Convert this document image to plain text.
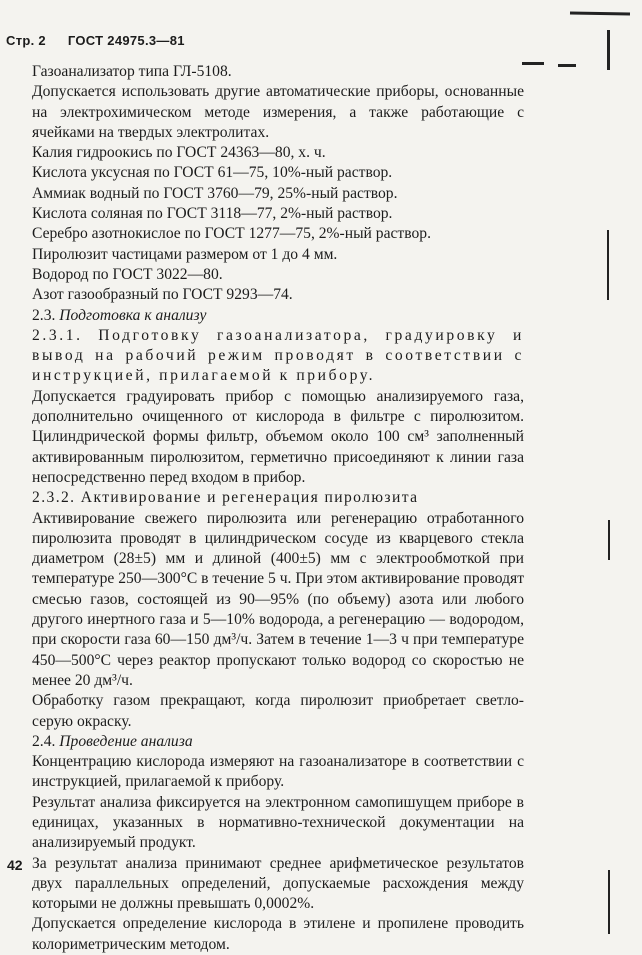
Стр. 2 ГОСТ 24975.3—81

Газоанализатор типа ГЛ-5108.

Допускается использовать другие автоматические приборы, основанные на электрохимическом методе измерения, а также работающие с ячейками на твердых электролитах.

Калия гидроокись по ГОСТ 24363—80, х. ч.

Кислота уксусная по ГОСТ 61—75, 10%-ный раствор.

Аммиак водный по ГОСТ 3760—79, 25%-ный раствор.

Кислота соляная по ГОСТ 3118—77, 2%-ный раствор.

Серебро азотнокислое по ГОСТ 1277—75, 2%-ный раствор.

Пиролюзит частицами размером от 1 до 4 мм.

Водород по ГОСТ 3022—80.

Азот газообразный по ГОСТ 9293—74.

2.3. Подготовка к анализу

2.3.1. Подготовку газоанализатора, градуировку и вывод на рабочий режим проводят в соответствии с инструкцией, прилагаемой к прибору.

Допускается градуировать прибор с помощью анализируемого газа, дополнительно очищенного от кислорода в фильтре с пиролюзитом. Цилиндрической формы фильтр, объемом около 100 см³ заполненный активированным пиролюзитом, герметично присоединяют к линии газа непосредственно перед входом в прибор.

2.3.2. Активирование и регенерация пиролюзита

Активирование свежего пиролюзита или регенерацию отработанного пиролюзита проводят в цилиндрическом сосуде из кварцевого стекла диаметром (28±5) мм и длиной (400±5) мм с электрообмоткой при температуре 250—300°С в течение 5 ч. При этом активирование проводят смесью газов, состоящей из 90—95% (по объему) азота или любого другого инертного газа и 5—10% водорода, а регенерацию — водородом, при скорости газа 60—150 дм³/ч. Затем в течение 1—3 ч при температуре 450—500°С через реактор пропускают только водород со скоростью не менее 20 дм³/ч.

Обработку газом прекращают, когда пиролюзит приобретает светло-серую окраску.

2.4. Проведение анализа

Концентрацию кислорода измеряют на газоанализаторе в соответствии с инструкцией, прилагаемой к прибору.

Результат анализа фиксируется на электронном самопишущем приборе в единицах, указанных в нормативно-технической документации на анализируемый продукт.

За результат анализа принимают среднее арифметическое результатов двух параллельных определений, допускаемые расхождения между которыми не должны превышать 0,0002%.

Допускается определение кислорода в этилене и пропилене проводить колориметрическим методом.

42
